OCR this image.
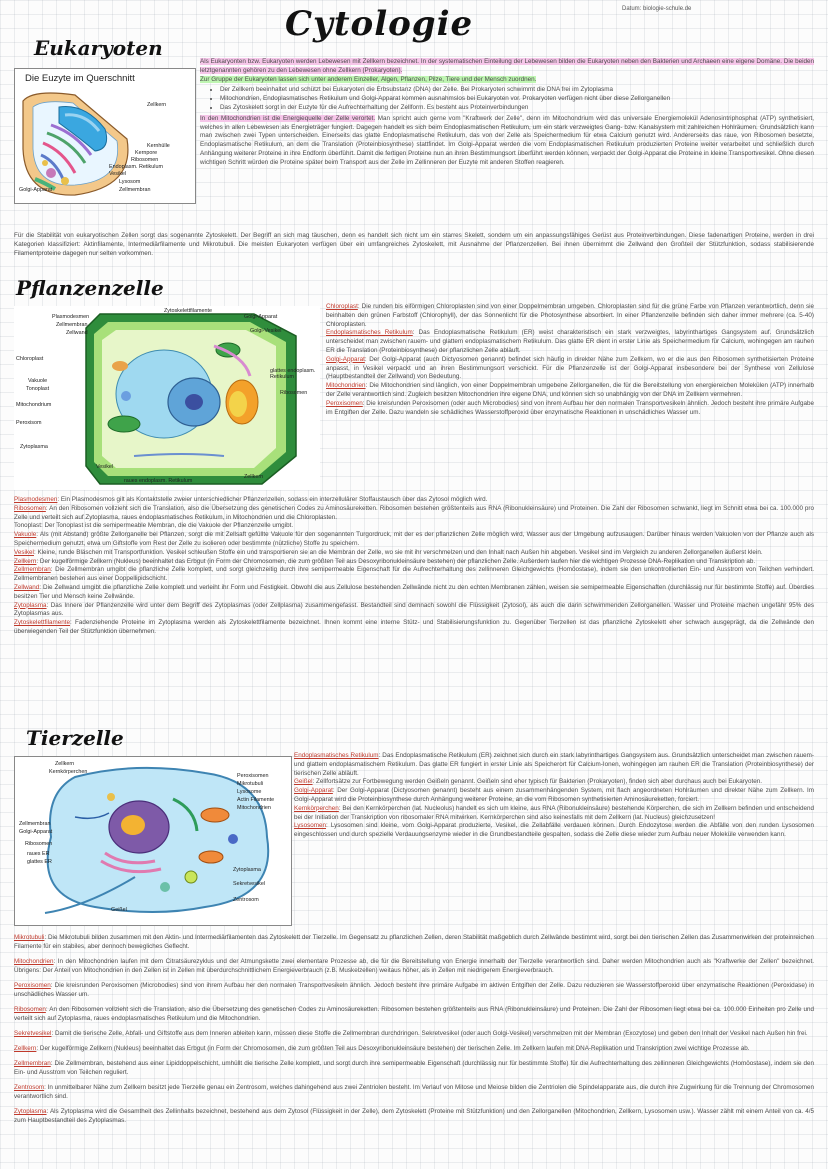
Cytologie	Datum: biologie-schule.de
Eukaryoten
Die Euzyte im Querschnitt
Zellkern
Kernhülle
Kernpore
Ribosomen
Endoplasm. Retikulum
Vesikel
Lysosom
Zellmembran
Golgi-Apparat

Als Eukaryonten bzw. Eukaryoten werden Lebewesen mit Zellkern bezeichnet. In der systematischen Einteilung der Lebewesen bilden die Eukaryoten neben den Bakterien und Archaeen eine eigene Domäne. Die beiden letztgenannten gehören zu den Lebewesen ohne Zellkern (Prokaryoten).

Zur Gruppe der Eukaryoten lassen sich unter anderem Einzeller, Algen, Pflanzen, Pilze, Tiere und der Mensch zuordnen.

• Der Zellkern beeinhaltet und schützt bei Eukaryoten die Erbsubstanz (DNA) der Zelle. Bei Prokaryoten schwimmt die DNA frei im Zytoplasma
• Mitochondrien, Endoplasmatisches Retikulum und Golgi-Apparat kommen ausnahmslos bei Eukaryoten vor. Prokaryoten verfügen nicht über diese Zellorganellen
• Das Zytoskelett sorgt in der Euzyte für die Aufrechterhaltung der Zellform. Es besteht aus Proteinverbindungen

In den Mitochondrien ist die Energiequelle der Zelle verortet. Man spricht auch gerne vom "Kraftwerk der Zelle", denn im Mitochondrium wird das universale Energiemolekül Adenosintriphosphat (ATP) synthetisiert, welches in allen Lebewesen als Energieträger fungiert. Dagegen handelt es sich beim Endoplasmatischen Retikulum, um ein stark verzweigtes Gang- bzw. Kanalsystem mit zahlreichen Hohlräumen. Grundsätzlich kann man zwischen zwei Typen unterscheiden. Einerseits das glatte Endoplasmatische Retikulum, das von der Zelle als Speichermedium für etwa Calcium genutzt wird. Andererseits das raue, von Ribosomen besetzte, Endoplasmatische Retikulum, an dem die Translation (Proteinbiosynthese) stattfindet. Im Golgi-Apparat werden die vom Endoplasmatischen Retikulum produzierten Proteine weiter verarbeitet und schließlich durch Anhängung weiterer Proteine in ihre Endform überführt. Damit die fertigen Proteine nun an ihren Bestimmungsort überführt werden können, verpackt der Golgi-Apparat die Proteine in kleine Transportvesikel. Ohne diesen wichtigen Schritt würden die Proteine später beim Transport aus der Zelle im Zellinneren der Euzyte mit anderen Stoffen reagieren.

Für die Stabilität von eukaryotischen Zellen sorgt das sogenannte Zytoskelett. Der Begriff an sich mag täuschen, denn es handelt sich nicht um ein starres Skelett, sondern um ein anpassungsfähiges Gerüst aus Proteinverbindungen. Diese fadenartigen Proteine, werden in drei Kategorien klassifiziert: Aktinfilamente, Intermediärfilamente und Mikrotubuli. Die meisten Eukaryoten verfügen über ein umfangreiches Zytoskelett, mit Ausnahme der Pflanzenzellen. Bei ihnen übernimmt die Zellwand den Großteil der Stützfunktion, sodass stabilisierende Filamentproteine dagegen nur selten vorkommen.
Pflanzenzelle
Plasmodesmen
Zellmembran
Zellwand
Zytoskelettfilamente
Golgi-Apparat
Golgi-Vesikel
Chloroplast
Vakuole
Tonoplast
Mitochondrium
Peroxisom
Zytoplasma
glattes endoplasm. Retikulum
Ribosomen
Vesikel
raues endoplasm. Retikulum
Zellkern

Chloroplast: Die runden bis eiförmigen Chloroplasten sind von einer Doppelmembran umgeben. Chloroplasten sind für die grüne Farbe von Pflanzen verantwortlich, denn sie beinhalten den grünen Farbstoff (Chlorophyll), der das Sonnenlicht für die Photosynthese absorbiert. In einer Pflanzenzelle befinden sich daher immer mehrere (ca. 5-40) Chloroplasten.

Endoplasmatisches Retikulum: Das Endoplasmatische Retikulum (ER) weist charakteristisch ein stark verzweigtes, labyrinthartiges Gangsystem auf. Grundsätzlich unterscheidet man zwischen rauem- und glattem endoplasmatischem Retikulum. Das glatte ER dient in erster Linie als Speichermedium für Calcium, wohingegen am rauhen ER die Translation (Proteinbiosynthese) der pflanzlichen Zelle abläuft.

Golgi-Apparat: Der Golgi-Apparat (auch Dictyosomen genannt) befindet sich häufig in direkter Nähe zum Zellkern, wo er die aus den Ribosomen synthetisierten Proteine anpasst, in Vesikel verpackt und an ihren Bestimmungsort verschickt. Für die Pflanzenzelle ist der Golgi-Apparat insbesondere bei der Synthese von Zellulose (Hauptbestandteil der Zellwand) von Bedeutung.

Mitochondrien: Die Mitochondrien sind länglich, von einer Doppelmembran umgebene Zellorganellen, die für die Bereitstellung von energiereichen Molekülen (ATP) innerhalb der Zelle verantwortlich sind. Zugleich besitzen Mitochondrien ihre eigene DNA, und können sich so unabhängig von der DNA im Zellkern vermehren.

Peroxisomen: Die kreisrunden Peroxisomen (oder auch Microbodies) sind von ihrem Aufbau her den normalen Transportvesikeln ähnlich. Jedoch besteht ihre primäre Aufgabe im Entgiften der Zelle. Dazu wandeln sie schädliches Wasserstoffperoxid über enzymatische Reaktionen in unschädliches Wasser um.

Plasmodesmen: Ein Plasmodesmos gilt als Kontaktstelle zweier unterschiedlicher Pflanzenzellen, sodass ein interzellulärer Stoffaustausch über das Zytosol möglich wird.

Ribosomen: An den Ribosomen vollzieht sich die Translation, also die Übersetzung des genetischen Codes zu Aminosäureketten. Ribosomen bestehen größtenteils aus RNA (Ribonukleinsäure) und Proteinen. Die Zahl der Ribosomen schwankt, liegt im Schnitt etwa bei ca. 100.000 pro Zelle und verteilt sich auf Zytoplasma, raues endoplasmatisches Retikulum, in Mitochondrien und die Chloroplasten.

Tonoplast: Der Tonoplast ist die semipermeable Membran, die die Vakuole der Pflanzenzelle umgibt.

Vakuole: Als (mit Abstand) größte Zellorganelle bei Pflanzen, sorgt die mit Zellsaft gefüllte Vakuole für den sogenannten Turgordruck, mit der es der pflanzlichen Zelle möglich wird, Wasser aus der Umgebung aufzusaugen. Darüber hinaus werden Vakuolen von der Pflanze auch als Speichermedium genutzt, etwa um Giftstoffe vom Rest der Zelle zu isolieren oder bestimmte (nützliche) Stoffe zu speichern.

Vesikel: Kleine, runde Bläschen mit Transportfunktion. Vesikel schleußen Stoffe ein und transportieren sie an die Membran der Zelle, wo sie mit ihr verschmelzen und den Inhalt nach Außen hin abgeben. Vesikel sind im Vergleich zu anderen Zellorganellen äußerst klein.

Zellkern: Der kugelförmige Zellkern (Nukleus) beeinhaltet das Erbgut (in Form der Chromosomen, die zum größten Teil aus Desoxyribonukleinsäure bestehen) der pflanzlichen Zelle. Außerdem laufen hier die wichtigen Prozesse DNA-Replikation und Transkription ab.

Zellmembran: Die Zellmembran umgibt die pflanzliche Zelle komplett, und sorgt gleichzeitig durch ihre semipermeable Eigenschaft für die Aufrechterhaltung des zellinneren Gleichgewichts (Homöostase), indem sie den unkontrollierten Ein- und Ausstrom von Teilchen verhindert. Zellmembranen bestehen aus einer Doppellipidschicht.

Zellwand: Die Zellwand umgibt die pflanzliche Zelle komplett und verleiht ihr Form und Festigkeit. Obwohl die aus Zellulose bestehenden Zellwände nicht zu den echten Membranen zählen, weisen sie semipermeable Eigenschaften (durchlässig nur für bestimmte Stoffe) auf. Überdies besitzen Tier und Mensch keine Zellwände.

Zytoplasma: Das Innere der Pflanzenzelle wird unter dem Begriff des Zytoplasmas (oder Zellplasma) zusammengefasst. Bestandteil sind demnach sowohl die Flüssigkeit (Zytosol), als auch die darin schwimmenden Zellorganellen. Wasser und Proteine machen ungefähr 95% des Zytoplasmas aus.

Zytoskelettfilamente: Fadenziehende Proteine im Zytoplasma werden als Zytoskelettfilamente bezeichnet. Ihnen kommt eine interne Stütz- und Stabilisierungsfunktion zu. Gegenüber Tierzellen ist das pflanzliche Zytoskelett eher schwach ausgeprägt, da die Zellwände den überwiegenden Teil der Stützfunktion übernehmen.

Tierzelle
Zellkern
Kernkörperchen
Peroxisomen
Mikrotubuli
Lysosome
Actin Filamente
Mitochondrien
Zellmembran
Golgi-Apparat
Ribosomen
raues ER
glattes ER
Zytoplasma
Sekretvesikel
Zentrosom
Geißel

Endoplasmatisches Retikulum: Das Endoplasmatische Retikulum (ER) zeichnet sich durch ein stark labyrinthartiges Gangsystem aus. Grundsätzlich unterscheidet man zwischen rauem- und glattem endoplasmatischem Retikulum. Das glatte ER fungiert in erster Linie als Speicherort für Calcium-Ionen, wohingegen am rauhen ER die Translation (Proteinbiosynthese) der tierischen Zelle abläuft.

Geißel: Zellfortsätze zur Fortbewegung werden Geißeln genannt. Geißeln sind eher typisch für Bakterien (Prokaryoten), finden sich aber durchaus auch bei Eukaryoten.

Golgi-Apparat: Der Golgi-Apparat (Dictyosomen genannt) besteht aus einem zusammenhängenden System, mit flach angeordneten Hohlräumen und direkter Nähe zum Zellkern. Im Golgi-Apparat wird die Proteinbiosynthese durch Anhängung weiterer Proteine, an die vom Ribosomen synthetisierten Aminosäureketten, forciert.

Kernkörperchen: Bei den Kernkörperchen (lat. Nucleolus) handelt es sich um kleine, aus RNA (Ribonukleinsäure) bestehende Körperchen, die sich im Zellkern befinden und entscheidend bei der Initiation der Transkription von ribosomaler RNA mitwirken. Kernkörperchen sind also keinesfalls mit dem Zellkern (lat. Nucleus) gleichzusetzen!

Lysosomen: Lysosomen sind kleine, vom Golgi-Apparat produzierte, Vesikel, die Zellabfälle verdauen können. Durch Endozytose werden die Abfälle von den runden Lysosomen eingeschlossen und durch spezielle Verdauungsenzyme wieder in die Grundbestandteile gespalten, sodass die Zelle diese wieder zum Aufbau neuer Moleküle verwenden kann.

Mikrotubuli: Die Mikrotubuli bilden zusammen mit den Aktin- und Intermediärfilamenten das Zytoskelett der Tierzelle. Im Gegensatz zu pflanzlichen Zellen, deren Stabilität maßgeblich durch Zellwände bestimmt wird, sorgt bei den tierischen Zellen das Zusammenwirken der proteinreichen Filamente für ein stabiles, aber dennoch bewegliches Geflecht.

Mitochondrien: In den Mitochondrien laufen mit dem Citratsäurezyklus und der Atmungskette zwei elementare Prozesse ab, die für die Bereitstellung von Energie innerhalb der Tierzelle verantwortlich sind. Daher werden Mitochondrien auch als "Kraftwerke der Zellen" bezeichnet. Übrigens: Der Anteil von Mitochondrien in den Zellen ist in Zellen mit überdurchschnittlichem Energieverbrauch (z.B. Muskelzellen) weitaus höher, als in Zellen mit niedrigerem Energieverbrauch.

Peroxisomen: Die kreisrunden Peroxisomen (Microbodies) sind von ihrem Aufbau her den normalen Transportvesikeln ähnlich. Jedoch besteht ihre primäre Aufgabe im aktiven Entgiften der Zelle. Dazu reduzieren sie Wasserstoffperoxid über enzymatische Reaktionen (Peroxidase) in unschädliches Wasser um.

Ribosomen: An den Ribosomen vollzieht sich die Translation, also die Übersetzung des genetischen Codes zu Aminosäureketten. Ribosomen bestehen größtenteils aus RNA (Ribonukleinsäure) und Proteinen. Die Zahl der Ribosomen liegt etwa bei ca. 100.000 Einheiten pro Zelle und verteilt sich auf Zytoplasma, raues endoplasmatisches Retikulum und die Mitochondrien.

Sekretvesikel: Damit die tierische Zelle, Abfall- und Giftstoffe aus dem Inneren ableiten kann, müssen diese Stoffe die Zellmembran durchdringen. Sekretvesikel (oder auch Golgi-Vesikel) verschmelzen mit der Membran (Exozytose) und geben den Inhalt der Vesikel nach Außen hin frei.

Zellkern: Der kugelförmige Zellkern (Nukleus) beeinhaltet das Erbgut (in Form der Chromosomen, die zum größten Teil aus Desoxyribonukleinsäure bestehen) der tierischen Zelle. Im Zellkern laufen mit DNA-Replikation und Transkription zwei wichtige Prozesse ab.

Zellmembran: Die Zellmembran, bestehend aus einer Lipiddoppelschicht, umhüllt die tierische Zelle komplett, und sorgt durch ihre semipermeable Eigenschaft (durchlässig nur für bestimmte Stoffe) für die Aufrechterhaltung des zellinneren Gleichgewichts (Homöostase), indem sie den Ein- und Ausstrom von Teilchen reguliert.

Zentrosom: In unmittelbarer Nähe zum Zellkern besitzt jede Tierzelle genau ein Zentrosom, welches dahingehend aus zwei Zentriolen besteht. Im Verlauf von Mitose und Meiose bilden die Zentriolen die Spindelapparate aus, die durch ihre Zugwirkung für die Trennung der Chromosomen verantwortlich sind.

Zytoplasma: Als Zytoplasma wird die Gesamtheit des Zellinhalts bezeichnet, bestehend aus dem Zytosol (Flüssigkeit in der Zelle), dem Zytoskelett (Proteine mit Stützfunktion) und den Zellorganellen (Mitochondrien, Zellkern, Lysosomen usw.). Wasser zählt mit einem Anteil von ca. 4/5 zum Hauptbestandteil des Zytoplasmas.
